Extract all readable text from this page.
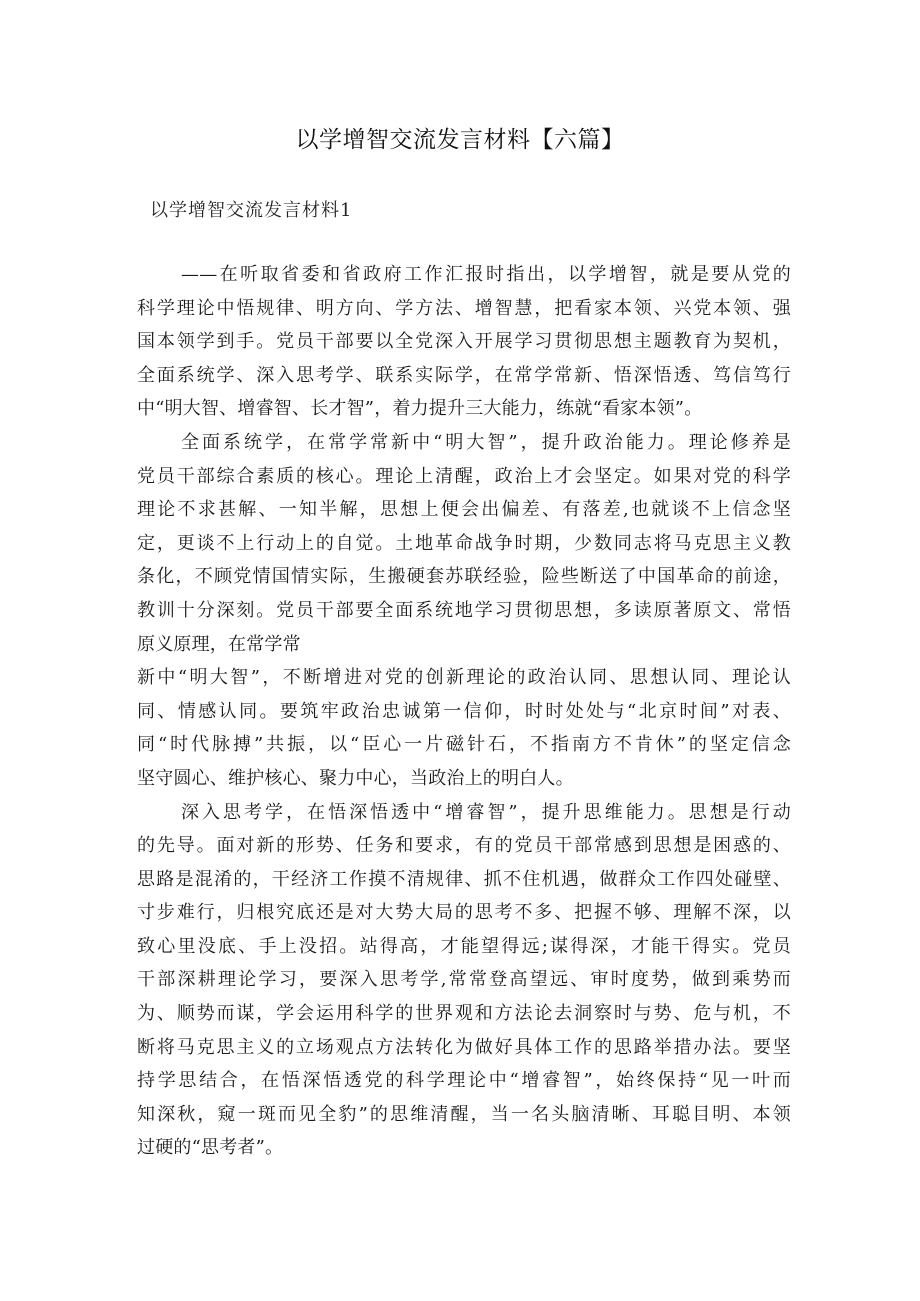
以学增智交流发言材料【六篇】
以学增智交流发言材料1
——在听取省委和省政府工作汇报时指出，以学增智，就是要从党的
科学理论中悟规律、明方向、学方法、增智慧，把看家本领、兴党本领、强
国本领学到手。党员干部要以全党深入开展学习贯彻思想主题教育为契机，
全面系统学、深入思考学、联系实际学，在常学常新、悟深悟透、笃信笃行
中“明大智、增睿智、长才智”，着力提升三大能力，练就“看家本领”。
全面系统学，在常学常新中“明大智”，提升政治能力。理论修养是
党员干部综合素质的核心。理论上清醒，政治上才会坚定。如果对党的科学
理论不求甚解、一知半解，思想上便会出偏差、有落差,也就谈不上信念坚
定，更谈不上行动上的自觉。土地革命战争时期，少数同志将马克思主义教
条化，不顾党情国情实际，生搬硬套苏联经验，险些断送了中国革命的前途，
教训十分深刻。党员干部要全面系统地学习贯彻思想，多读原著原文、常悟
原义原理，在常学常
新中“明大智”，不断增进对党的创新理论的政治认同、思想认同、理论认
同、情感认同。要筑牢政治忠诚第一信仰，时时处处与“北京时间”对表、
同“时代脉搏”共振，以“臣心一片磁针石，不指南方不肯休”的坚定信念
坚守圆心、维护核心、聚力中心，当政治上的明白人。
深入思考学，在悟深悟透中“增睿智”，提升思维能力。思想是行动
的先导。面对新的形势、任务和要求，有的党员干部常感到思想是困惑的、
思路是混淆的，干经济工作摸不清规律、抓不住机遇，做群众工作四处碰壁、
寸步难行，归根究底还是对大势大局的思考不多、把握不够、理解不深，以
致心里没底、手上没招。站得高，才能望得远;谋得深，才能干得实。党员
干部深耕理论学习，要深入思考学,常常登高望远、审时度势，做到乘势而
为、顺势而谋，学会运用科学的世界观和方法论去洞察时与势、危与机，不
断将马克思主义的立场观点方法转化为做好具体工作的思路举措办法。要坚
持学思结合，在悟深悟透党的科学理论中“增睿智”，始终保持“见一叶而
知深秋，窥一斑而见全豹”的思维清醒，当一名头脑清晰、耳聪目明、本领
过硬的“思考者”。
